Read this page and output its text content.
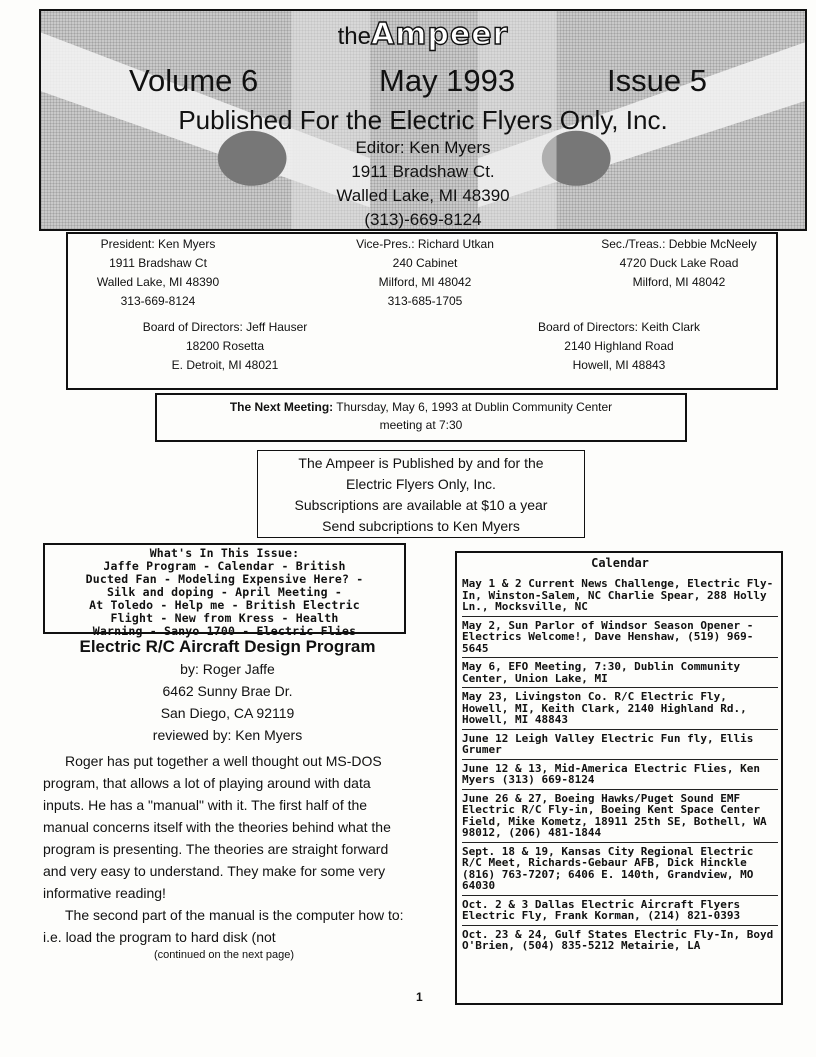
theAmpeer
Volume 6	May 1993	Issue 5
Published For the Electric Flyers Only, Inc.
Editor: Ken Myers
1911 Bradshaw Ct.
Walled Lake, MI 48390
(313)-669-8124
President: Ken Myers
1911 Bradshaw Ct
Walled Lake, MI 48390
313-669-8124
Vice-Pres.: Richard Utkan
240 Cabinet
Milford, MI 48042
313-685-1705
Sec./Treas.: Debbie McNeely
4720 Duck Lake Road
Milford, MI 48042
Board of Directors: Jeff Hauser
18200 Rosetta
E. Detroit, MI 48021
Board of Directors: Keith Clark
2140 Highland Road
Howell, MI 48843
The Next Meeting: Thursday, May 6, 1993 at Dublin Community Center
meeting at 7:30
The Ampeer is Published by and for the
Electric Flyers Only, Inc.
Subscriptions are available at $10 a year
Send subcriptions to Ken Myers
What's In This Issue:
Jaffe Program - Calendar - British
Ducted Fan - Modeling Expensive Here? -
Silk and doping - April Meeting -
At Toledo - Help me - British Electric
Flight - New from Kress - Health
Warning - Sanyo 1700 - Electric Flies
Electric R/C Aircraft Design Program
by: Roger Jaffe
6462 Sunny Brae Dr.
San Diego, CA 92119
reviewed by: Ken Myers

Roger has put together a well thought out MS-DOS program, that allows a lot of playing around with data inputs. He has a "manual" with it. The first half of the manual concerns itself with the theories behind what the program is presenting. The theories are straight forward and very easy to understand. They make for some very informative reading!

The second part of the manual is the computer how to: i.e. load the program to hard disk (not

(continued on the next page)
Calendar
May 1 & 2 Current News Challenge, Electric Fly-In, Winston-Salem, NC Charlie Spear, 288 Holly Ln., Mocksville, NC
May 2, Sun Parlor of Windsor Season Opener - Electrics Welcome!, Dave Henshaw, (519) 969-5645
May 6, EFO Meeting, 7:30, Dublin Community Center, Union Lake, MI
May 23, Livingston Co. R/C Electric Fly, Howell, MI, Keith Clark, 2140 Highland Rd., Howell, MI 48843
June 12 Leigh Valley Electric Fun fly, Ellis Grumer
June 12 & 13, Mid-America Electric Flies, Ken Myers (313) 669-8124
June 26 & 27, Boeing Hawks/Puget Sound EMF Electric R/C Fly-in, Boeing Kent Space Center Field, Mike Kometz, 18911 25th SE, Bothell, WA 98012, (206) 481-1844
Sept. 18 & 19, Kansas City Regional Electric R/C Meet, Richards-Gebaur AFB, Dick Hinckle (816) 763-7207; 6406 E. 140th, Grandview, MO 64030
Oct. 2 & 3 Dallas Electric Aircraft Flyers Electric Fly, Frank Korman, (214) 821-0393
Oct. 23 & 24, Gulf States Electric Fly-In, Boyd O'Brien, (504) 835-5212 Metairie, LA
1
